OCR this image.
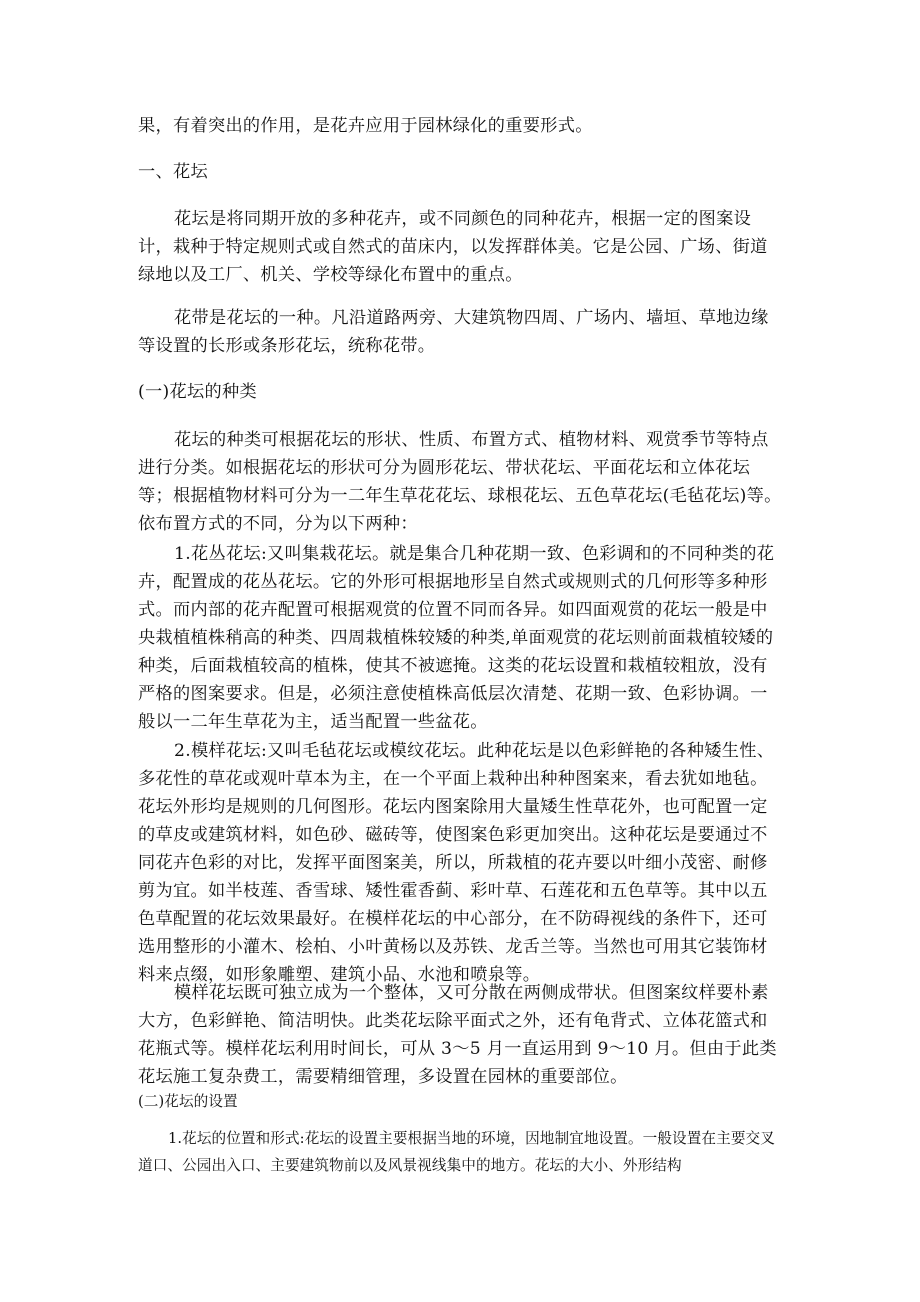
果，有着突出的作用，是花卉应用于园林绿化的重要形式。
一、花坛
花坛是将同期开放的多种花卉，或不同颜色的同种花卉，根据一定的图案设计，栽种于特定规则式或自然式的苗床内，以发挥群体美。它是公园、广场、街道绿地以及工厂、机关、学校等绿化布置中的重点。
花带是花坛的一种。凡沿道路两旁、大建筑物四周、广场内、墙垣、草地边缘等设置的长形或条形花坛，统称花带。
(一)花坛的种类
花坛的种类可根据花坛的形状、性质、布置方式、植物材料、观赏季节等特点进行分类。如根据花坛的形状可分为圆形花坛、带状花坛、平面花坛和立体花坛等；根据植物材料可分为一二年生草花花坛、球根花坛、五色草花坛(毛毡花坛)等。依布置方式的不同，分为以下两种：
1.花丛花坛:又叫集栽花坛。就是集合几种花期一致、色彩调和的不同种类的花卉，配置成的花丛花坛。它的外形可根据地形呈自然式或规则式的几何形等多种形式。而内部的花卉配置可根据观赏的位置不同而各异。如四面观赏的花坛一般是中央栽植植株稍高的种类、四周栽植株较矮的种类,单面观赏的花坛则前面栽植较矮的种类，后面栽植较高的植株，使其不被遮掩。这类的花坛设置和栽植较粗放，没有严格的图案要求。但是，必须注意使植株高低层次清楚、花期一致、色彩协调。一般以一二年生草花为主，适当配置一些盆花。
2.模样花坛:又叫毛毡花坛或模纹花坛。此种花坛是以色彩鲜艳的各种矮生性、多花性的草花或观叶草本为主，在一个平面上栽种出种种图案来，看去犹如地毡。花坛外形均是规则的几何图形。花坛内图案除用大量矮生性草花外，也可配置一定的草皮或建筑材料，如色砂、磁砖等，使图案色彩更加突出。这种花坛是要通过不同花卉色彩的对比，发挥平面图案美，所以，所栽植的花卉要以叶细小茂密、耐修剪为宜。如半枝莲、香雪球、矮性霍香蓟、彩叶草、石莲花和五色草等。其中以五色草配置的花坛效果最好。在模样花坛的中心部分，在不防碍视线的条件下，还可选用整形的小灌木、桧柏、小叶黄杨以及苏铁、龙舌兰等。当然也可用其它装饰材料来点缀，如形象雕塑、建筑小品、水池和喷泉等。
模样花坛既可独立成为一个整体，又可分散在两侧成带状。但图案纹样要朴素大方，色彩鲜艳、简洁明快。此类花坛除平面式之外，还有龟背式、立体花篮式和花瓶式等。模样花坛利用时间长，可从 3～5 月一直运用到 9～10 月。但由于此类花坛施工复杂费工，需要精细管理，多设置在园林的重要部位。
(二)花坛的设置
1.花坛的位置和形式:花坛的设置主要根据当地的环境，因地制宜地设置。一般设置在主要交叉道口、公园出入口、主要建筑物前以及风景视线集中的地方。花坛的大小、外形结构
